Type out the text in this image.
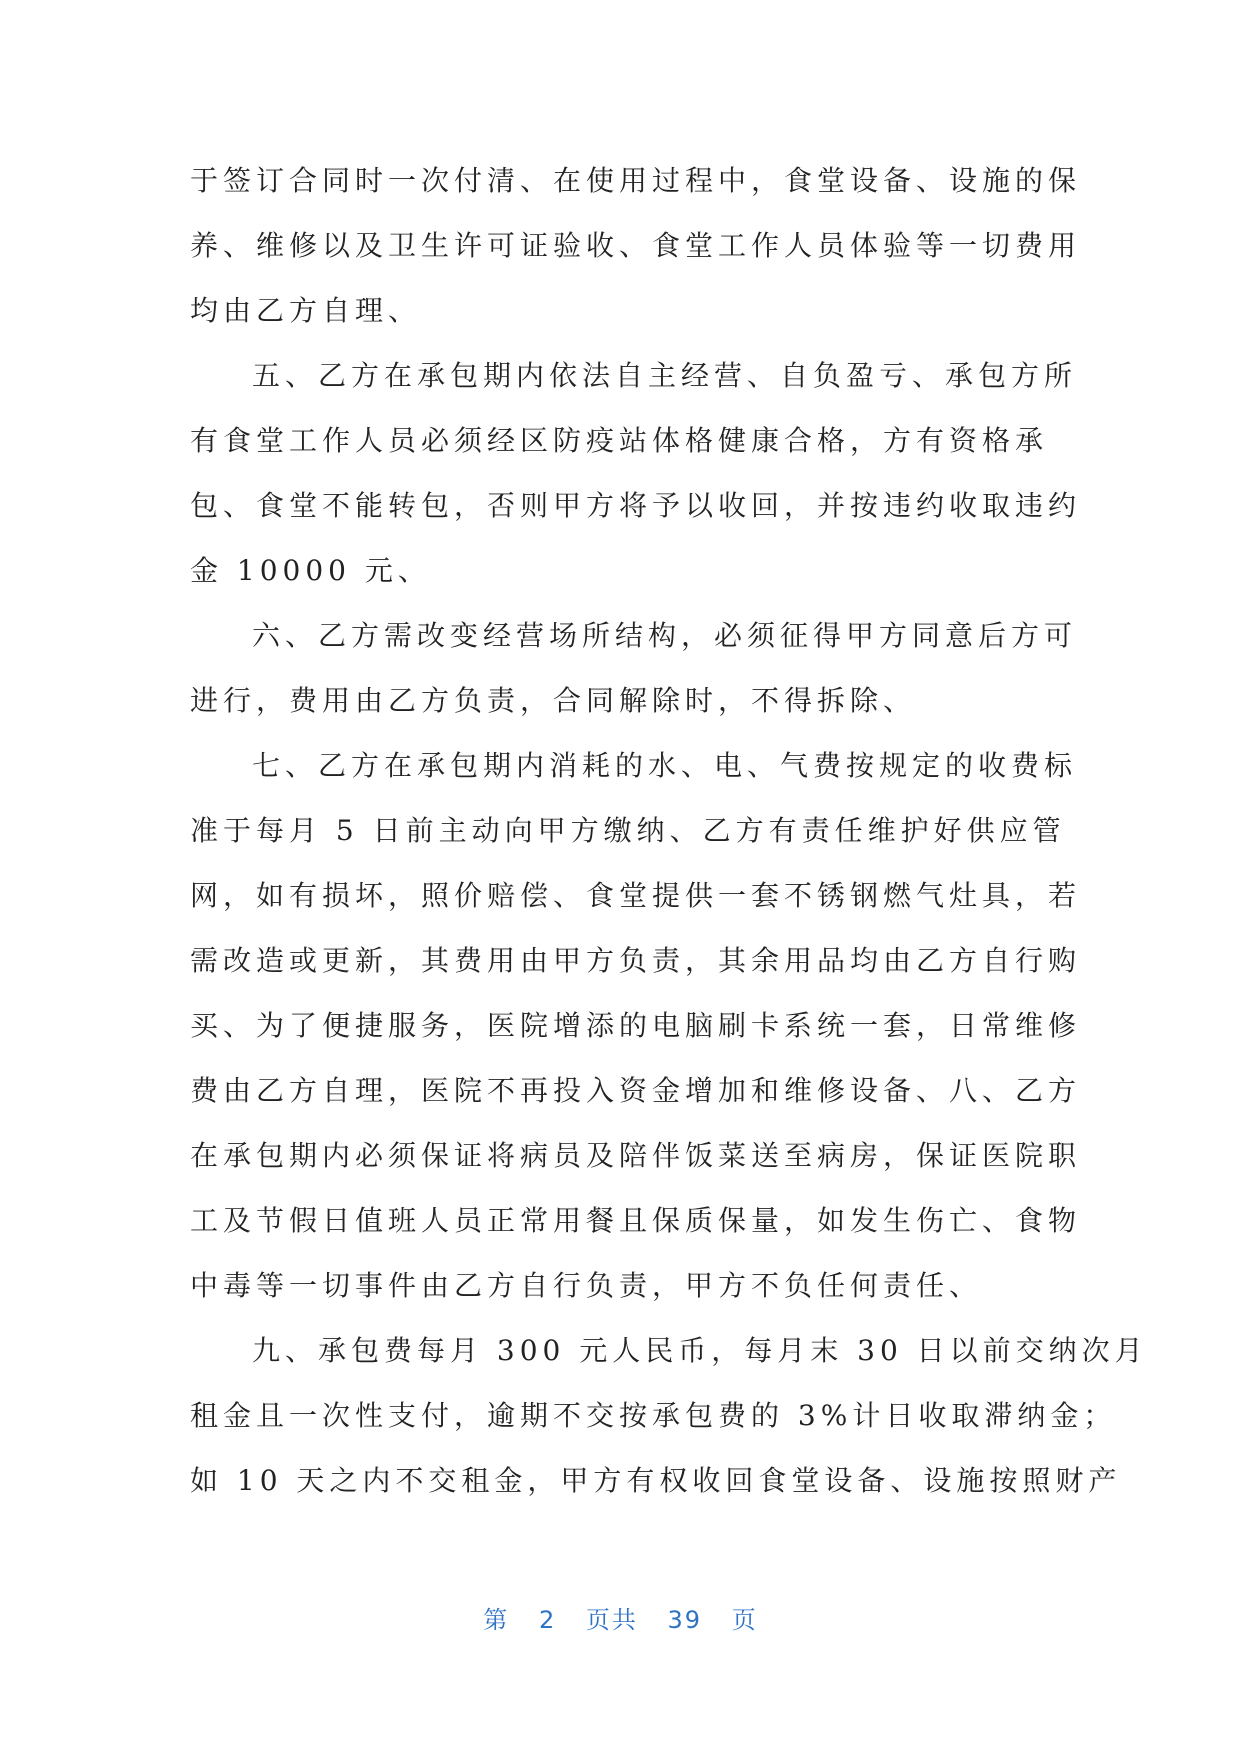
于签订合同时一次付清、在使用过程中，食堂设备、设施的保
养、维修以及卫生许可证验收、食堂工作人员体验等一切费用
均由乙方自理、
五、乙方在承包期内依法自主经营、自负盈亏、承包方所
有食堂工作人员必须经区防疫站体格健康合格，方有资格承
包、食堂不能转包，否则甲方将予以收回，并按违约收取违约
金 10000 元、
六、乙方需改变经营场所结构，必须征得甲方同意后方可
进行，费用由乙方负责，合同解除时，不得拆除、
七、乙方在承包期内消耗的水、电、气费按规定的收费标
准于每月 5 日前主动向甲方缴纳、乙方有责任维护好供应管
网，如有损坏，照价赔偿、食堂提供一套不锈钢燃气灶具，若
需改造或更新，其费用由甲方负责，其余用品均由乙方自行购
买、为了便捷服务，医院增添的电脑刷卡系统一套，日常维修
费由乙方自理，医院不再投入资金增加和维修设备、八、乙方
在承包期内必须保证将病员及陪伴饭菜送至病房，保证医院职
工及节假日值班人员正常用餐且保质保量，如发生伤亡、食物
中毒等一切事件由乙方自行负责，甲方不负任何责任、
九、承包费每月 300 元人民币，每月末 30 日以前交纳次月
租金且一次性支付，逾期不交按承包费的 3%计日收取滞纳金；
如 10 天之内不交租金，甲方有权收回食堂设备、设施按照财产
第 2 页共 39 页
